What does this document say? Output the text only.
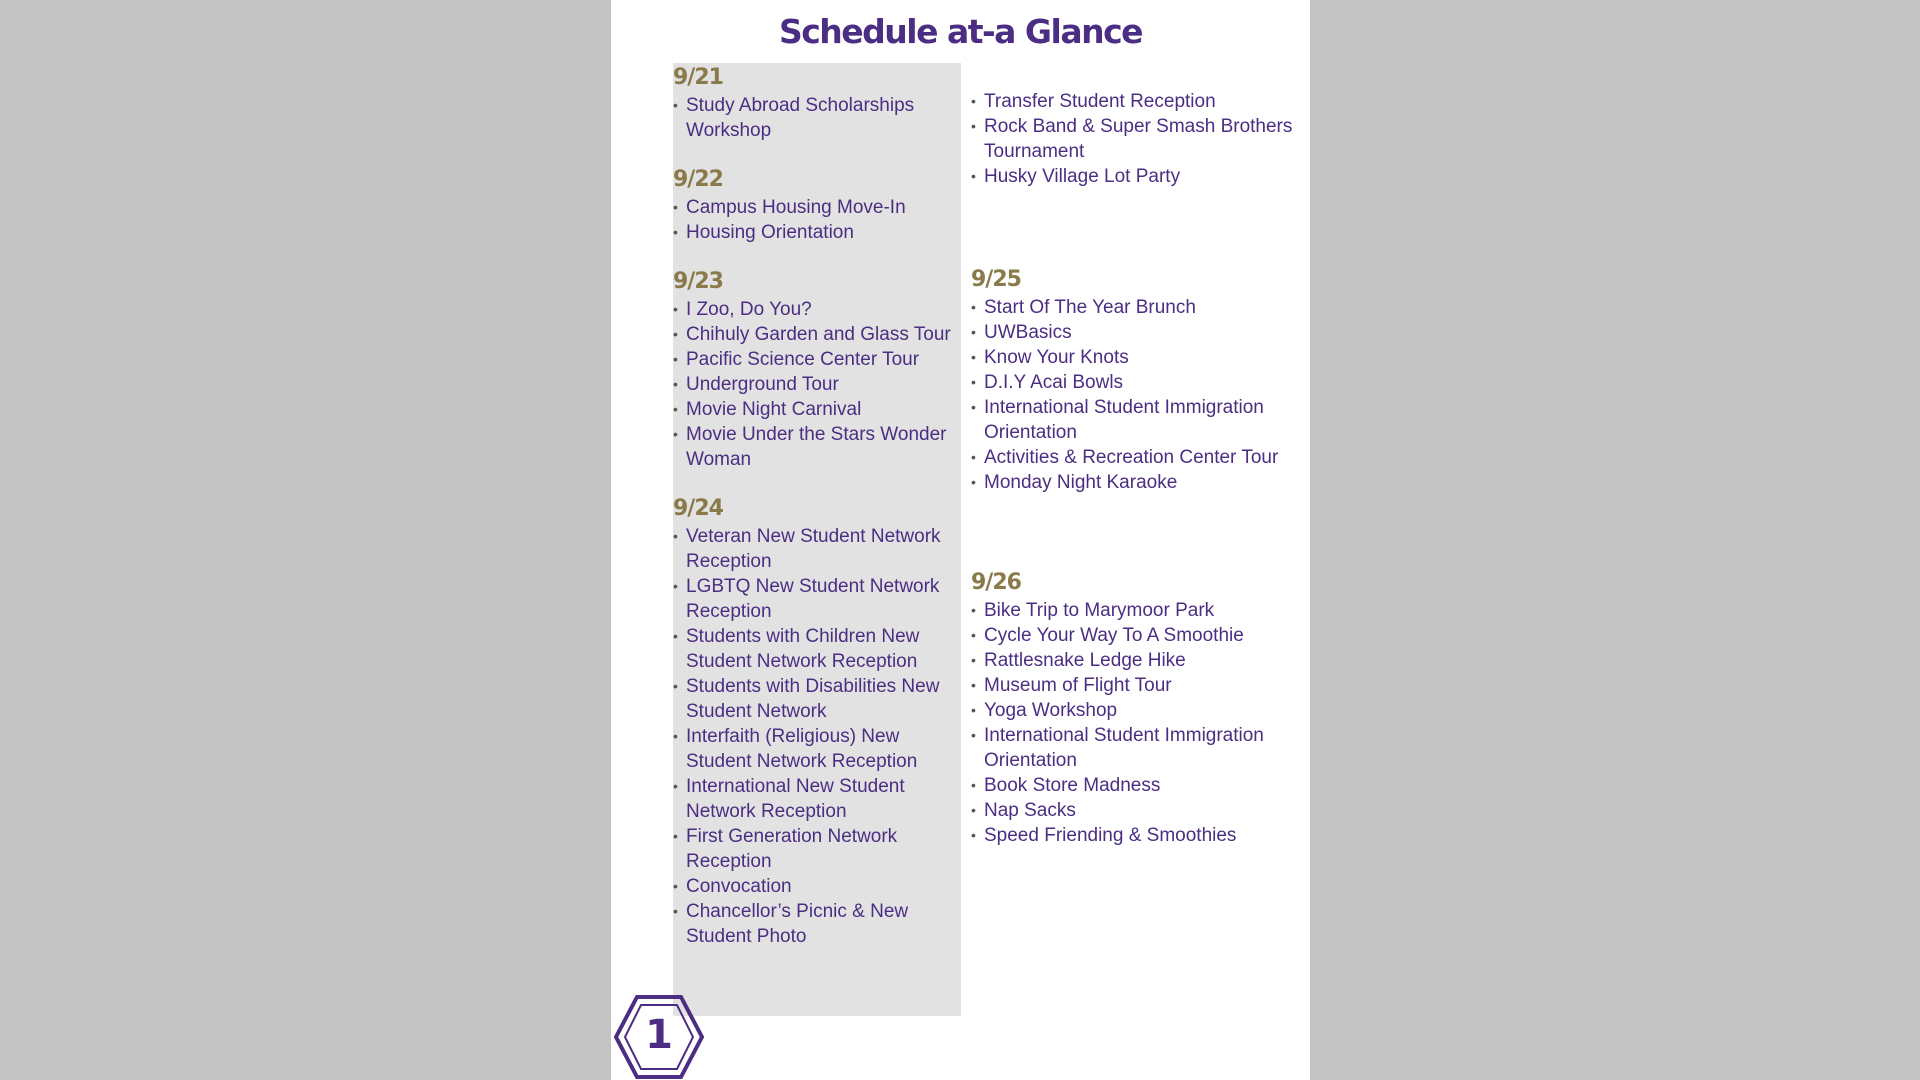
Schedule at-a Glance
9/21
• Study Abroad Scholarships Workshop
9/22
• Campus Housing Move-In
• Housing Orientation
9/23
• I Zoo, Do You?
• Chihuly Garden and Glass Tour
• Pacific Science Center Tour
• Underground Tour
• Movie Night Carnival
• Movie Under the Stars Wonder Woman
9/24
• Veteran New Student Network Reception
• LGBTQ New Student Network Reception
• Students with Children New Student Network Reception
• Students with Disabilities New Student Network
• Interfaith (Religious) New Student Network Reception
• International New Student Network Reception
• First Generation Network Reception
• Convocation
• Chancellor’s Picnic & New Student Photo
• Transfer Student Reception
• Rock Band & Super Smash Brothers Tournament
• Husky Village Lot Party
9/25
• Start Of The Year Brunch
• UWBasics
• Know Your Knots
• D.I.Y Acai Bowls
• International Student Immigration Orientation
• Activities & Recreation Center Tour
• Monday Night Karaoke
9/26
• Bike Trip to Marymoor Park
• Cycle Your Way To A Smoothie
• Rattlesnake Ledge Hike
• Museum of Flight Tour
• Yoga Workshop
• International Student Immigration Orientation
• Book Store Madness
• Nap Sacks
• Speed Friending & Smoothies
1
